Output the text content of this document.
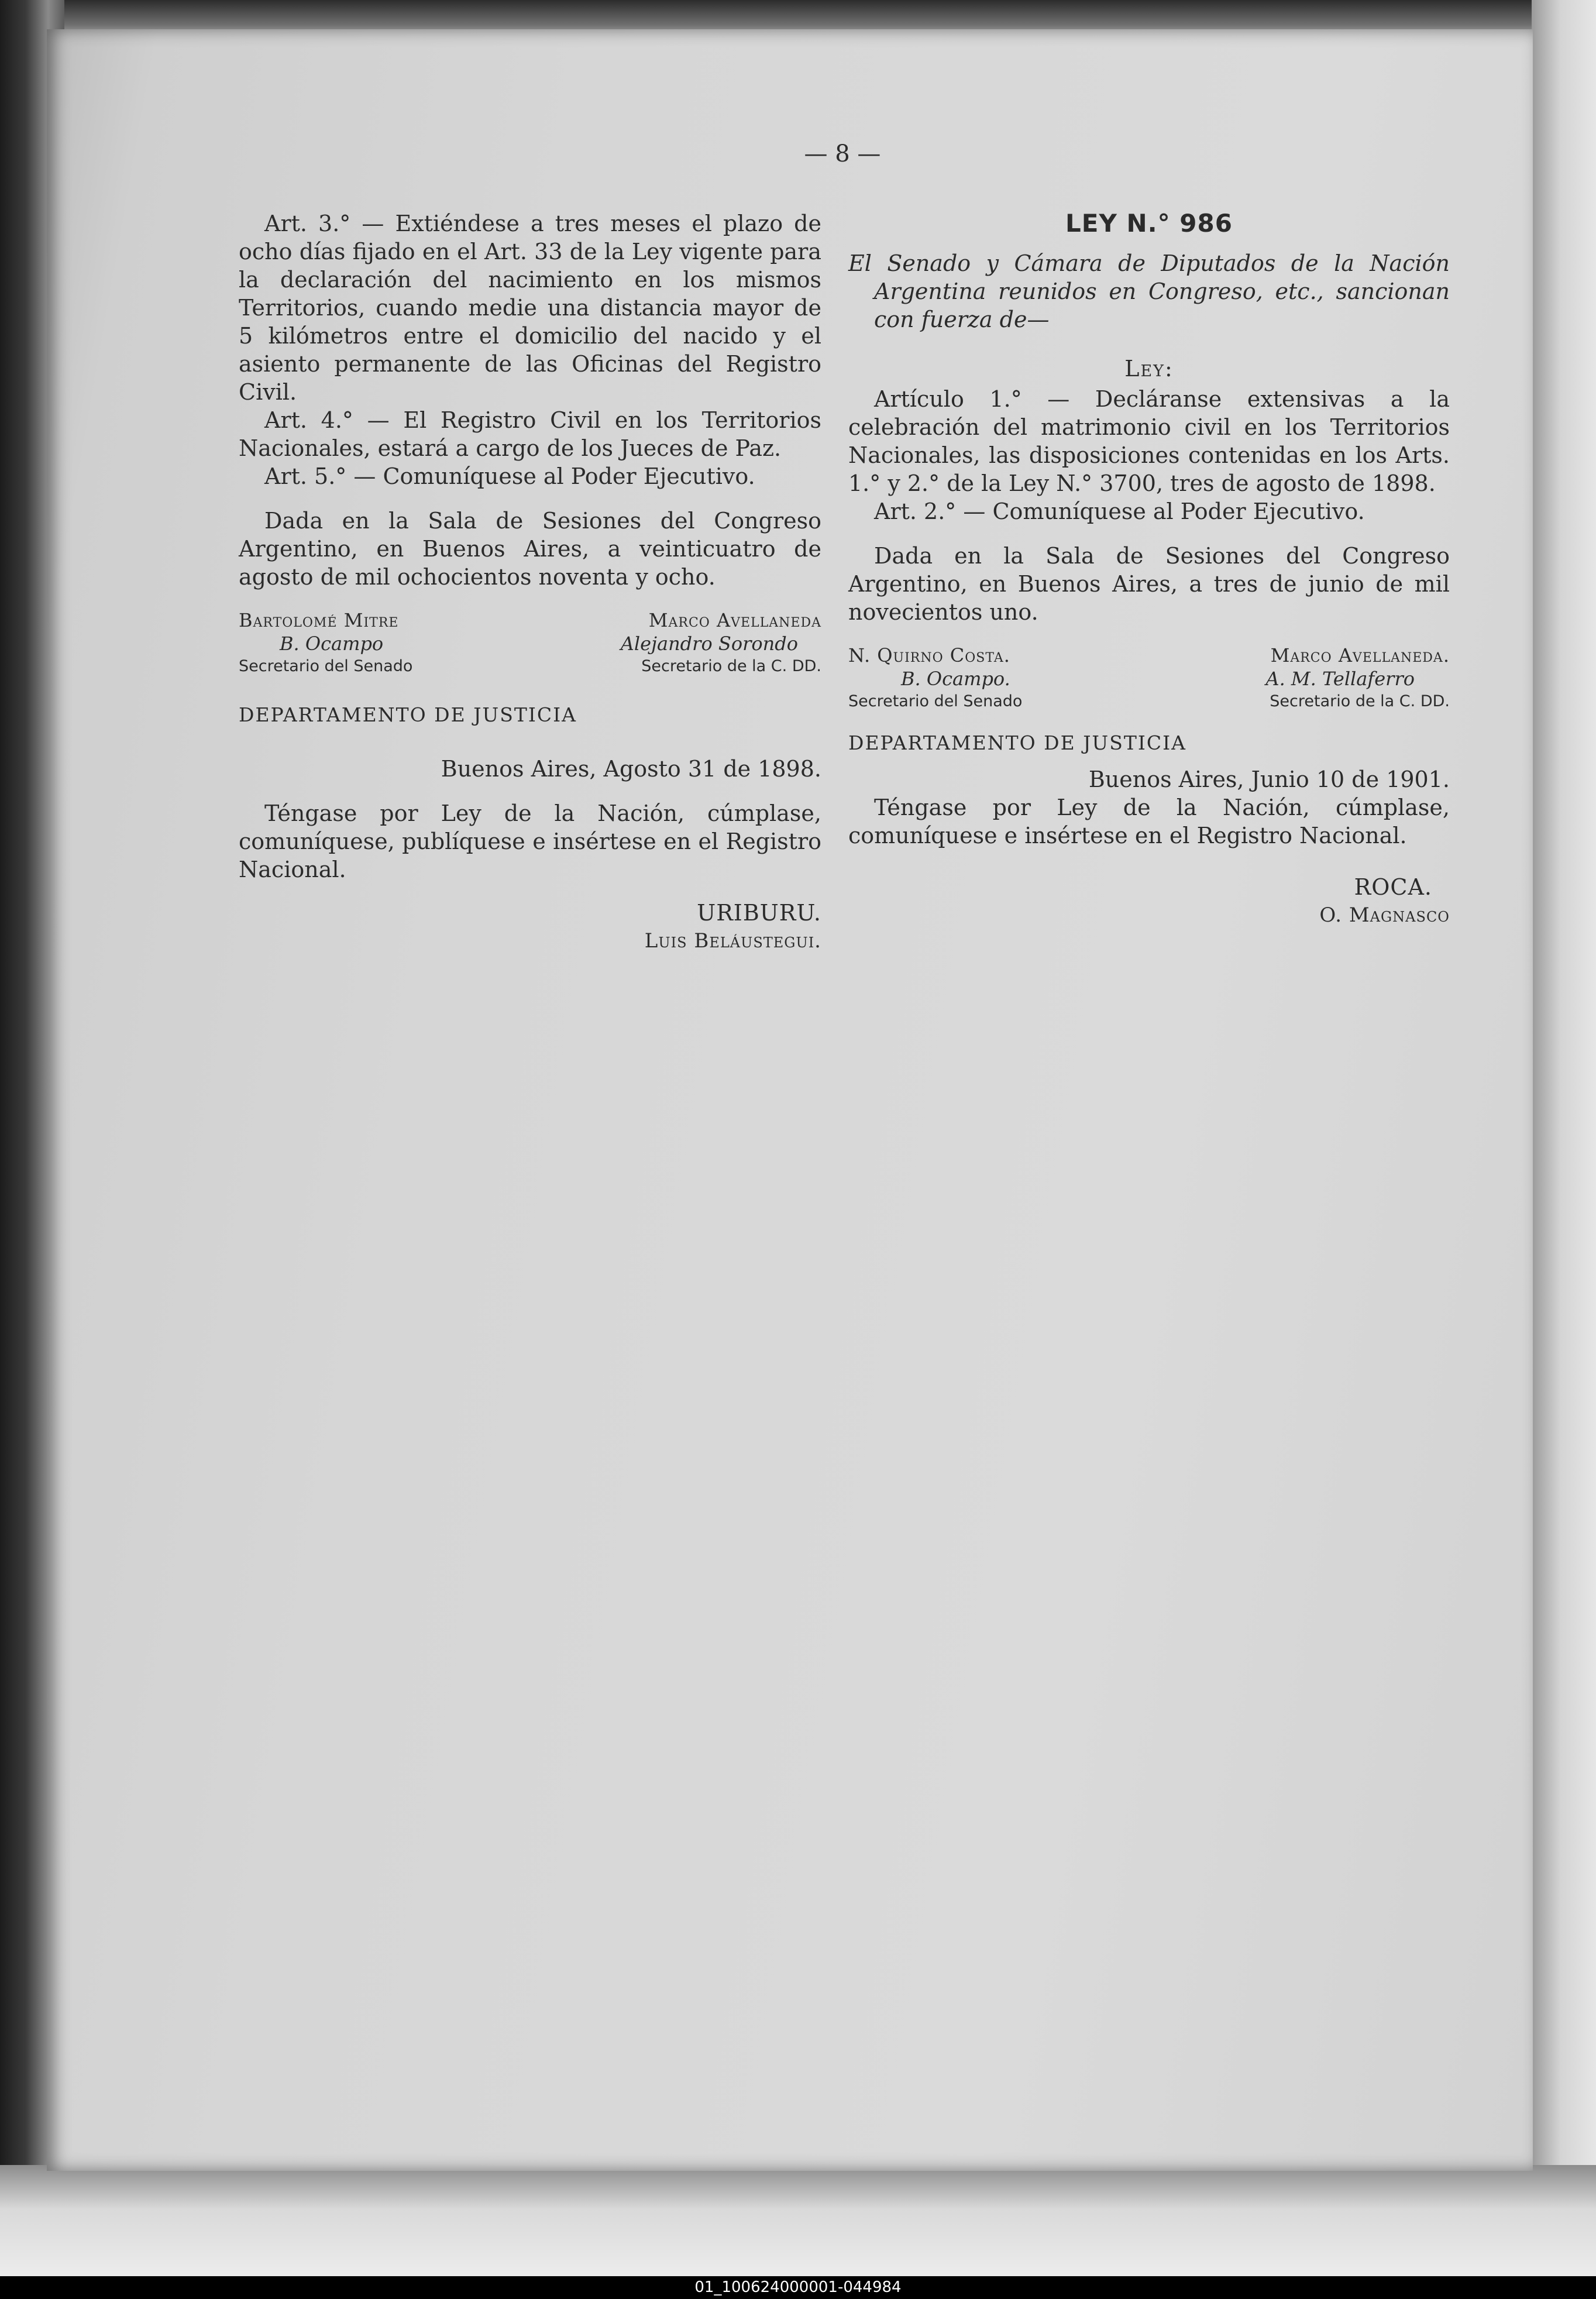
— 8 —

Art. 3.° — Extiéndese a tres meses el plazo de ocho días fijado en el Art. 33 de la Ley vigente para la declaración del nacimiento en los mismos Territorios, cuando medie una distancia mayor de 5 kilómetros entre el domicilio del nacido y el asiento permanente de las Oficinas del Registro Civil.

Art. 4.° — El Registro Civil en los Territorios Nacionales, estará a cargo de los Jueces de Paz.

Art. 5.° — Comuníquese al Poder Ejecutivo.

Dada en la Sala de Sesiones del Congreso Argentino, en Buenos Aires, a veinticuatro de agosto de mil ochocientos noventa y ocho.

Bartolomé Mitre
B. Ocampo
Secretario del Senado
Marco Avellaneda
Alejandro Sorondo
Secretario de la C. DD.
DEPARTAMENTO DE JUSTICIA
Buenos Aires, Agosto 31 de 1898.

Téngase por Ley de la Nación, cúmplase, comuníquese, publíquese e insértese en el Registro Nacional.

URIBURU.
Luis Beláustegui.
LEY N.° 986

El Senado y Cámara de Diputados de la Nación Argentina reunidos en Congreso, etc., sancionan con fuerza de—

Ley:

Artículo 1.° — Decláranse extensivas a la celebración del matrimonio civil en los Territorios Nacionales, las disposiciones contenidas en los Arts. 1.° y 2.° de la Ley N.° 3700, tres de agosto de 1898.

Art. 2.° — Comuníquese al Poder Ejecutivo.

Dada en la Sala de Sesiones del Congreso Argentino, en Buenos Aires, a tres de junio de mil novecientos uno.

N. Quirno Costa.
B. Ocampo.
Secretario del Senado
Marco Avellaneda.
A. M. Tellaferro
Secretario de la C. DD.
DEPARTAMENTO DE JUSTICIA
Buenos Aires, Junio 10 de 1901.

Téngase por Ley de la Nación, cúmplase, comuníquese e insértese en el Registro Nacional.

ROCA.
O. Magnasco
01_100624000001-044984
